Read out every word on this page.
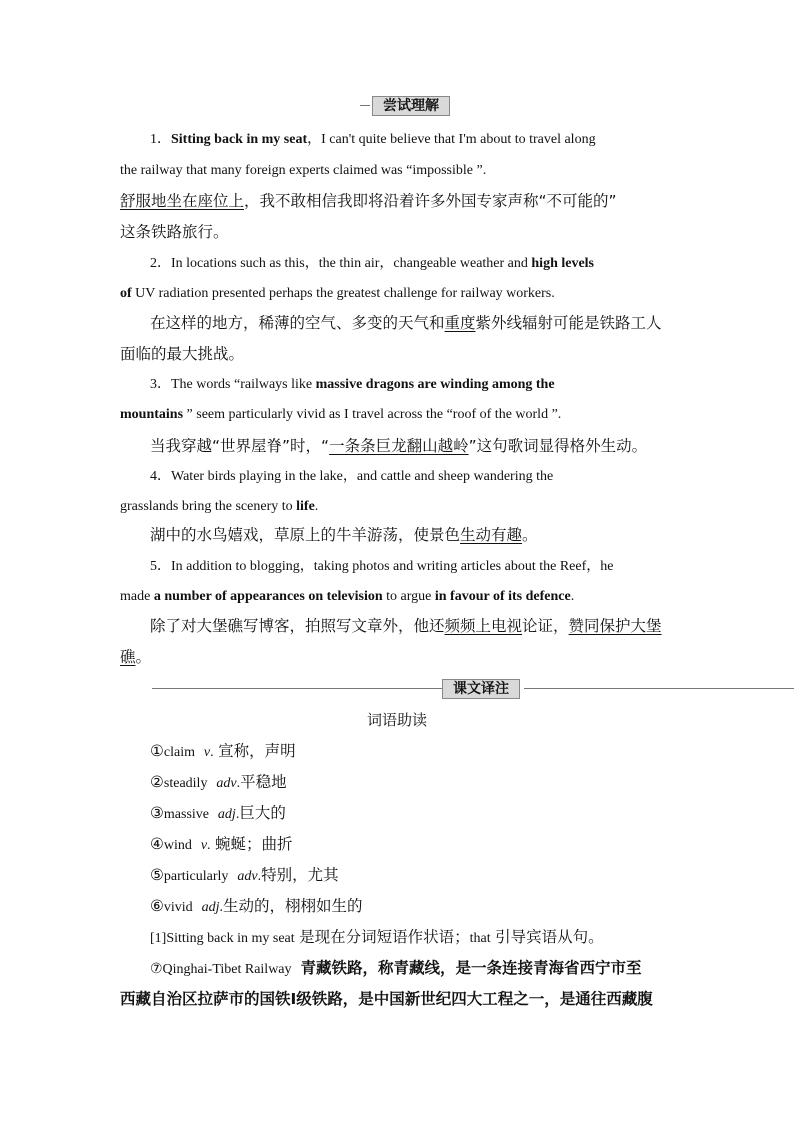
尝试理解
1．Sitting back in my seat，I can't quite believe that I'm about to travel along
the railway that many foreign experts claimed was “impossible ”.
舒服地坐在座位上，我不敢相信我即将沿着许多外国专家声称“不可能的”
这条铁路旅行。
2．In locations such as this，the thin air，changeable weather and high levels
of UV radiation presented perhaps the greatest challenge for railway workers.
在这样的地方，稀薄的空气、多变的天气和重度紫外线辐射可能是铁路工人
面临的最大挑战。
3．The words “railways like massive dragons are winding among the
mountains ” seem particularly vivid as I travel across the “roof of the world ”.
当我穿越“世界屋脊”时，“一条条巨龙翻山越岭”这句歌词显得格外生动。
4．Water birds playing in the lake，and cattle and sheep wandering the
grasslands bring the scenery to life.
湖中的水鸟嬉戏，草原上的牛羊游荡，使景色生动有趣。
5．In addition to blogging，taking photos and writing articles about the Reef，he
made a number of appearances on television to argue in favour of its defence.
除了对大堡礁写博客，拍照写文章外，他还频频上电视论证，赞同保护大堡
礁。
课文译注
词语助读
①claim v. 宣称，声明
②steadily adv.平稳地
③massive adj.巨大的
④wind v. 蜿蜒；曲折
⑤particularly adv.特别，尤其
⑥vivid adj.生动的，栩栩如生的
[1]Sitting back in my seat 是现在分词短语作状语；that 引导宾语从句。
⑦Qinghai-Tibet Railway 青藏铁路，称青藏线，是一条连接青海省西宁市至
西藏自治区拉萨市的国铁Ⅰ级铁路，是中国新世纪四大工程之一，是通往西藏腹
